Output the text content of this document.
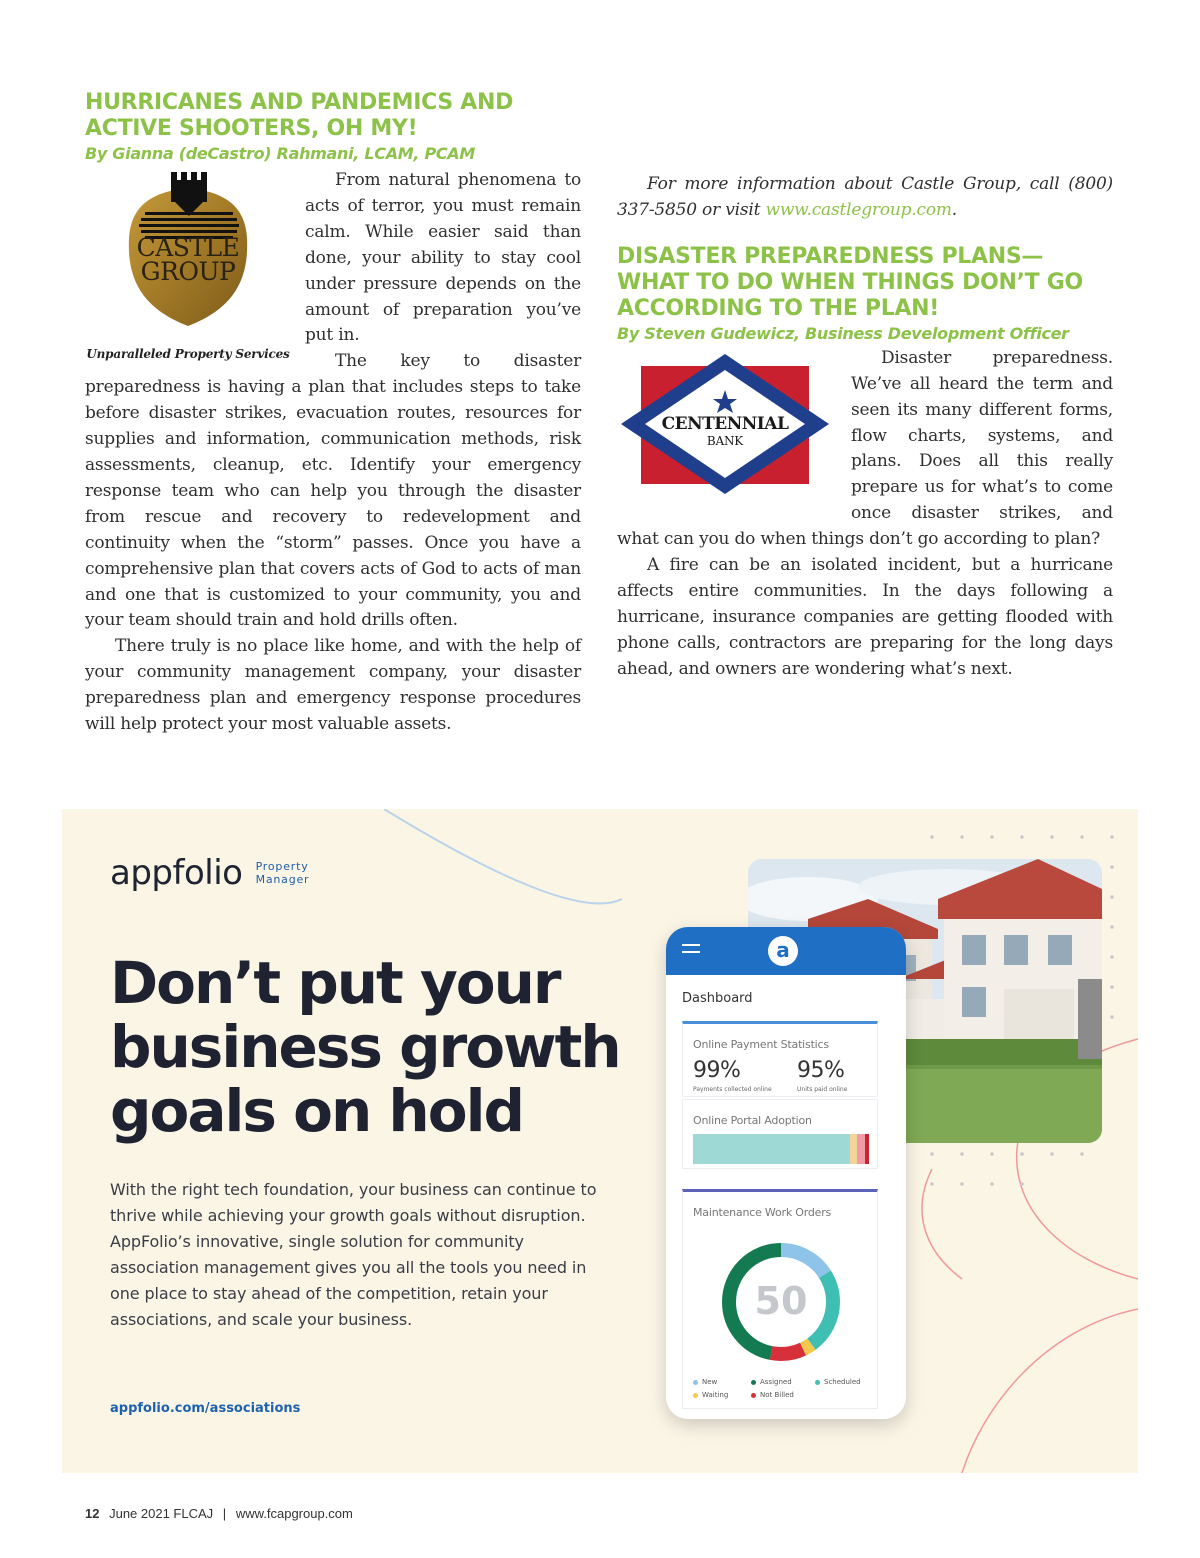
HURRICANES AND PANDEMICS AND ACTIVE SHOOTERS, OH MY!
By Gianna (deCastro) Rahmani, LCAM, PCAM
CASTLE
GROUP
Unparalleled Property Services

From natural phenomena to acts of terror, you must remain calm. While easier said than done, your ability to stay cool under pressure depends on the amount of preparation you’ve put in.

The key to disaster preparedness is having a plan that includes steps to take before disaster strikes, evacuation routes, resources for supplies and information, communication methods, risk assessments, cleanup, etc. Identify your emergency response team who can help you through the disaster from rescue and recovery to redevelopment and continuity when the “storm” passes. Once you have a comprehensive plan that covers acts of God to acts of man and one that is customized to your community, you and your team should train and hold drills often.

There truly is no place like home, and with the help of your community management company, your disaster preparedness plan and emergency response procedures will help protect your most valuable assets.

For more information about Castle Group, call (800) 337-5850 or visit www.castlegroup.com.

DISASTER PREPAREDNESS PLANS—WHAT TO DO WHEN THINGS DON’T GO ACCORDING TO THE PLAN!
By Steven Gudewicz, Business Development Officer
CENTENNIAL
BANK

Disaster preparedness. We’ve all heard the term and seen its many different forms, flow charts, systems, and plans. Does all this really prepare us for what’s to come once disaster strikes, and what can you do when things don’t go according to plan?

A fire can be an isolated incident, but a hurricane affects entire communities. In the days following a hurricane, insurance companies are getting flooded with phone calls, contractors are preparing for the long days ahead, and owners are wondering what’s next.

appfolio Property
Manager
Don’t put your business growth goals on hold
With the right tech foundation, your business can continue to thrive while achieving your growth goals without disruption. AppFolio’s innovative, single solution for community association management gives you all the tools you need in one place to stay ahead of the competition, retain your associations, and scale your business.
appfolio.com/associations
a
Dashboard
Online Payment Statistics
99%
Payments collected online
95%
Units paid online
Online Portal Adoption
Maintenance Work Orders
50
New	Assigned	Scheduled
Waiting	Not Billed
12 June 2021 FLCAJ | www.fcapgroup.com
